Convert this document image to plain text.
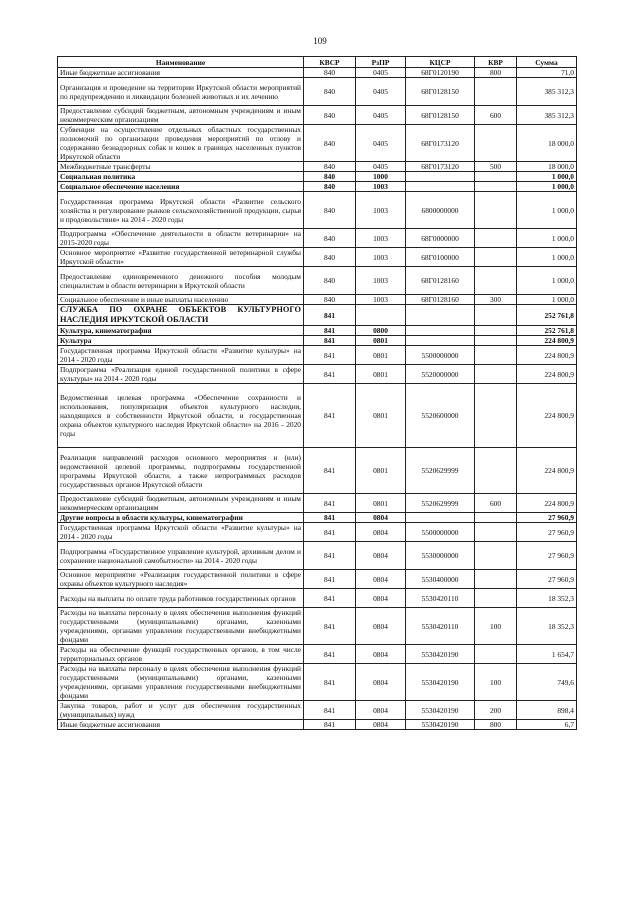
109
Наименование	КВСР	РзПР	КЦСР	КВР	Сумма
Иные бюджетные ассигнования	840	0405	68Г0120190	800	71,0
Организация и проведение на территории Иркутской области мероприятий по предупреждению и ликвидации болезней животных и их лечению	840	0405	68Г0128150		385 312,3
Предоставление субсидий бюджетным, автономным учреждениям и иным некоммерческим организациям	840	0405	68Г0128150	600	385 312,3
Субвенции на осуществление отдельных областных государственных полномочий по организации проведения мероприятий по отлову и содержанию безнадзорных собак и кошек в границах населенных пунктов Иркутской области	840	0405	68Г0173120		18 000,0
Межбюджетные трансферты	840	0405	68Г0173120	500	18 000,0
Социальная политика	840	1000			1 000,0
Социальное обеспечение населения	840	1003			1 000,0
Государственная программа Иркутской области «Развитие сельского хозяйства и регулирование рынков сельскохозяйственной продукции, сырья и продовольствия» на 2014 - 2020 годы	840	1003	6800000000		1 000,0
Подпрограмма «Обеспечение деятельности в области ветеринарии» на 2015-2020 годы	840	1003	68Г0000000		1 000,0
Основное мероприятие «Развитие государственной ветеринарной службы Иркутской области»	840	1003	68Г0100000		1 000,0
Предоставление единовременного денежного пособия молодым специалистам в области ветеринарии в Иркутской области	840	1003	68Г0128160		1 000,0
Социальное обеспечение и иные выплаты населению	840	1003	68Г0128160	300	1 000,0
СЛУЖБА ПО ОХРАНЕ ОБЪЕКТОВ КУЛЬТУРНОГО НАСЛЕДИЯ ИРКУТСКОЙ ОБЛАСТИ	841				252 761,8
Культура, кинематография	841	0800			252 761,8
Культура	841	0801			224 800,9
Государственная программа Иркутской области «Развитие культуры» на 2014 - 2020 годы	841	0801	5500000000		224 800,9
Подпрограмма «Реализация единой государственной политики в сфере культуры» на 2014 - 2020 годы	841	0801	5520000000		224 800,9
Ведомственная целевая программа «Обеспечение сохранности и использования, популяризация объектов культурного наследия, находящихся в собственности Иркутской области, и государственная охрана объектов культурного наследия Иркутской области» на 2016 - 2020 годы	841	0801	5520600000		224 800,9
Реализация направлений расходов основного мероприятия и (или) ведомственной целевой программы, подпрограммы государственной программы Иркутской области, а также непрограммных расходов государственных органов Иркутской области	841	0801	5520629999		224 800,9
Предоставление субсидий бюджетным, автономным учреждениям и иным некоммерческим организациям	841	0801	5520629999	600	224 800,9
Другие вопросы в области культуры, кинематографии	841	0804			27 960,9
Государственная программа Иркутской области «Развитие культуры» на 2014 - 2020 годы	841	0804	5500000000		27 960,9
Подпрограмма «Государственное управление культурой, архивным делом и сохранение национальной самобытности» на 2014 - 2020 годы	841	0804	5530000000		27 960,9
Основное мероприятие «Реализация государственной политики в сфере охраны объектов культурного наследия»	841	0804	5530400000		27 960,9
Расходы на выплаты по оплате труда работников государственных органов	841	0804	5530420110		18 352,3
Расходы на выплаты персоналу в целях обеспечения выполнения функций государственными (муниципальными) органами, казенными учреждениями, органами управления государственными внебюджетными фондами	841	0804	5530420110	100	18 352,3
Расходы на обеспечение функций государственных органов, в том числе территориальных органов	841	0804	5530420190		1 654,7
Расходы на выплаты персоналу в целях обеспечения выполнения функций государственными (муниципальными) органами, казенными учреждениями, органами управления государственными внебюджетными фондами	841	0804	5530420190	100	749,6
Закупка товаров, работ и услуг для обеспечения государственных (муниципальных) нужд	841	0804	5530420190	200	898,4
Иные бюджетные ассигнования	841	0804	5530420190	800	6,7
